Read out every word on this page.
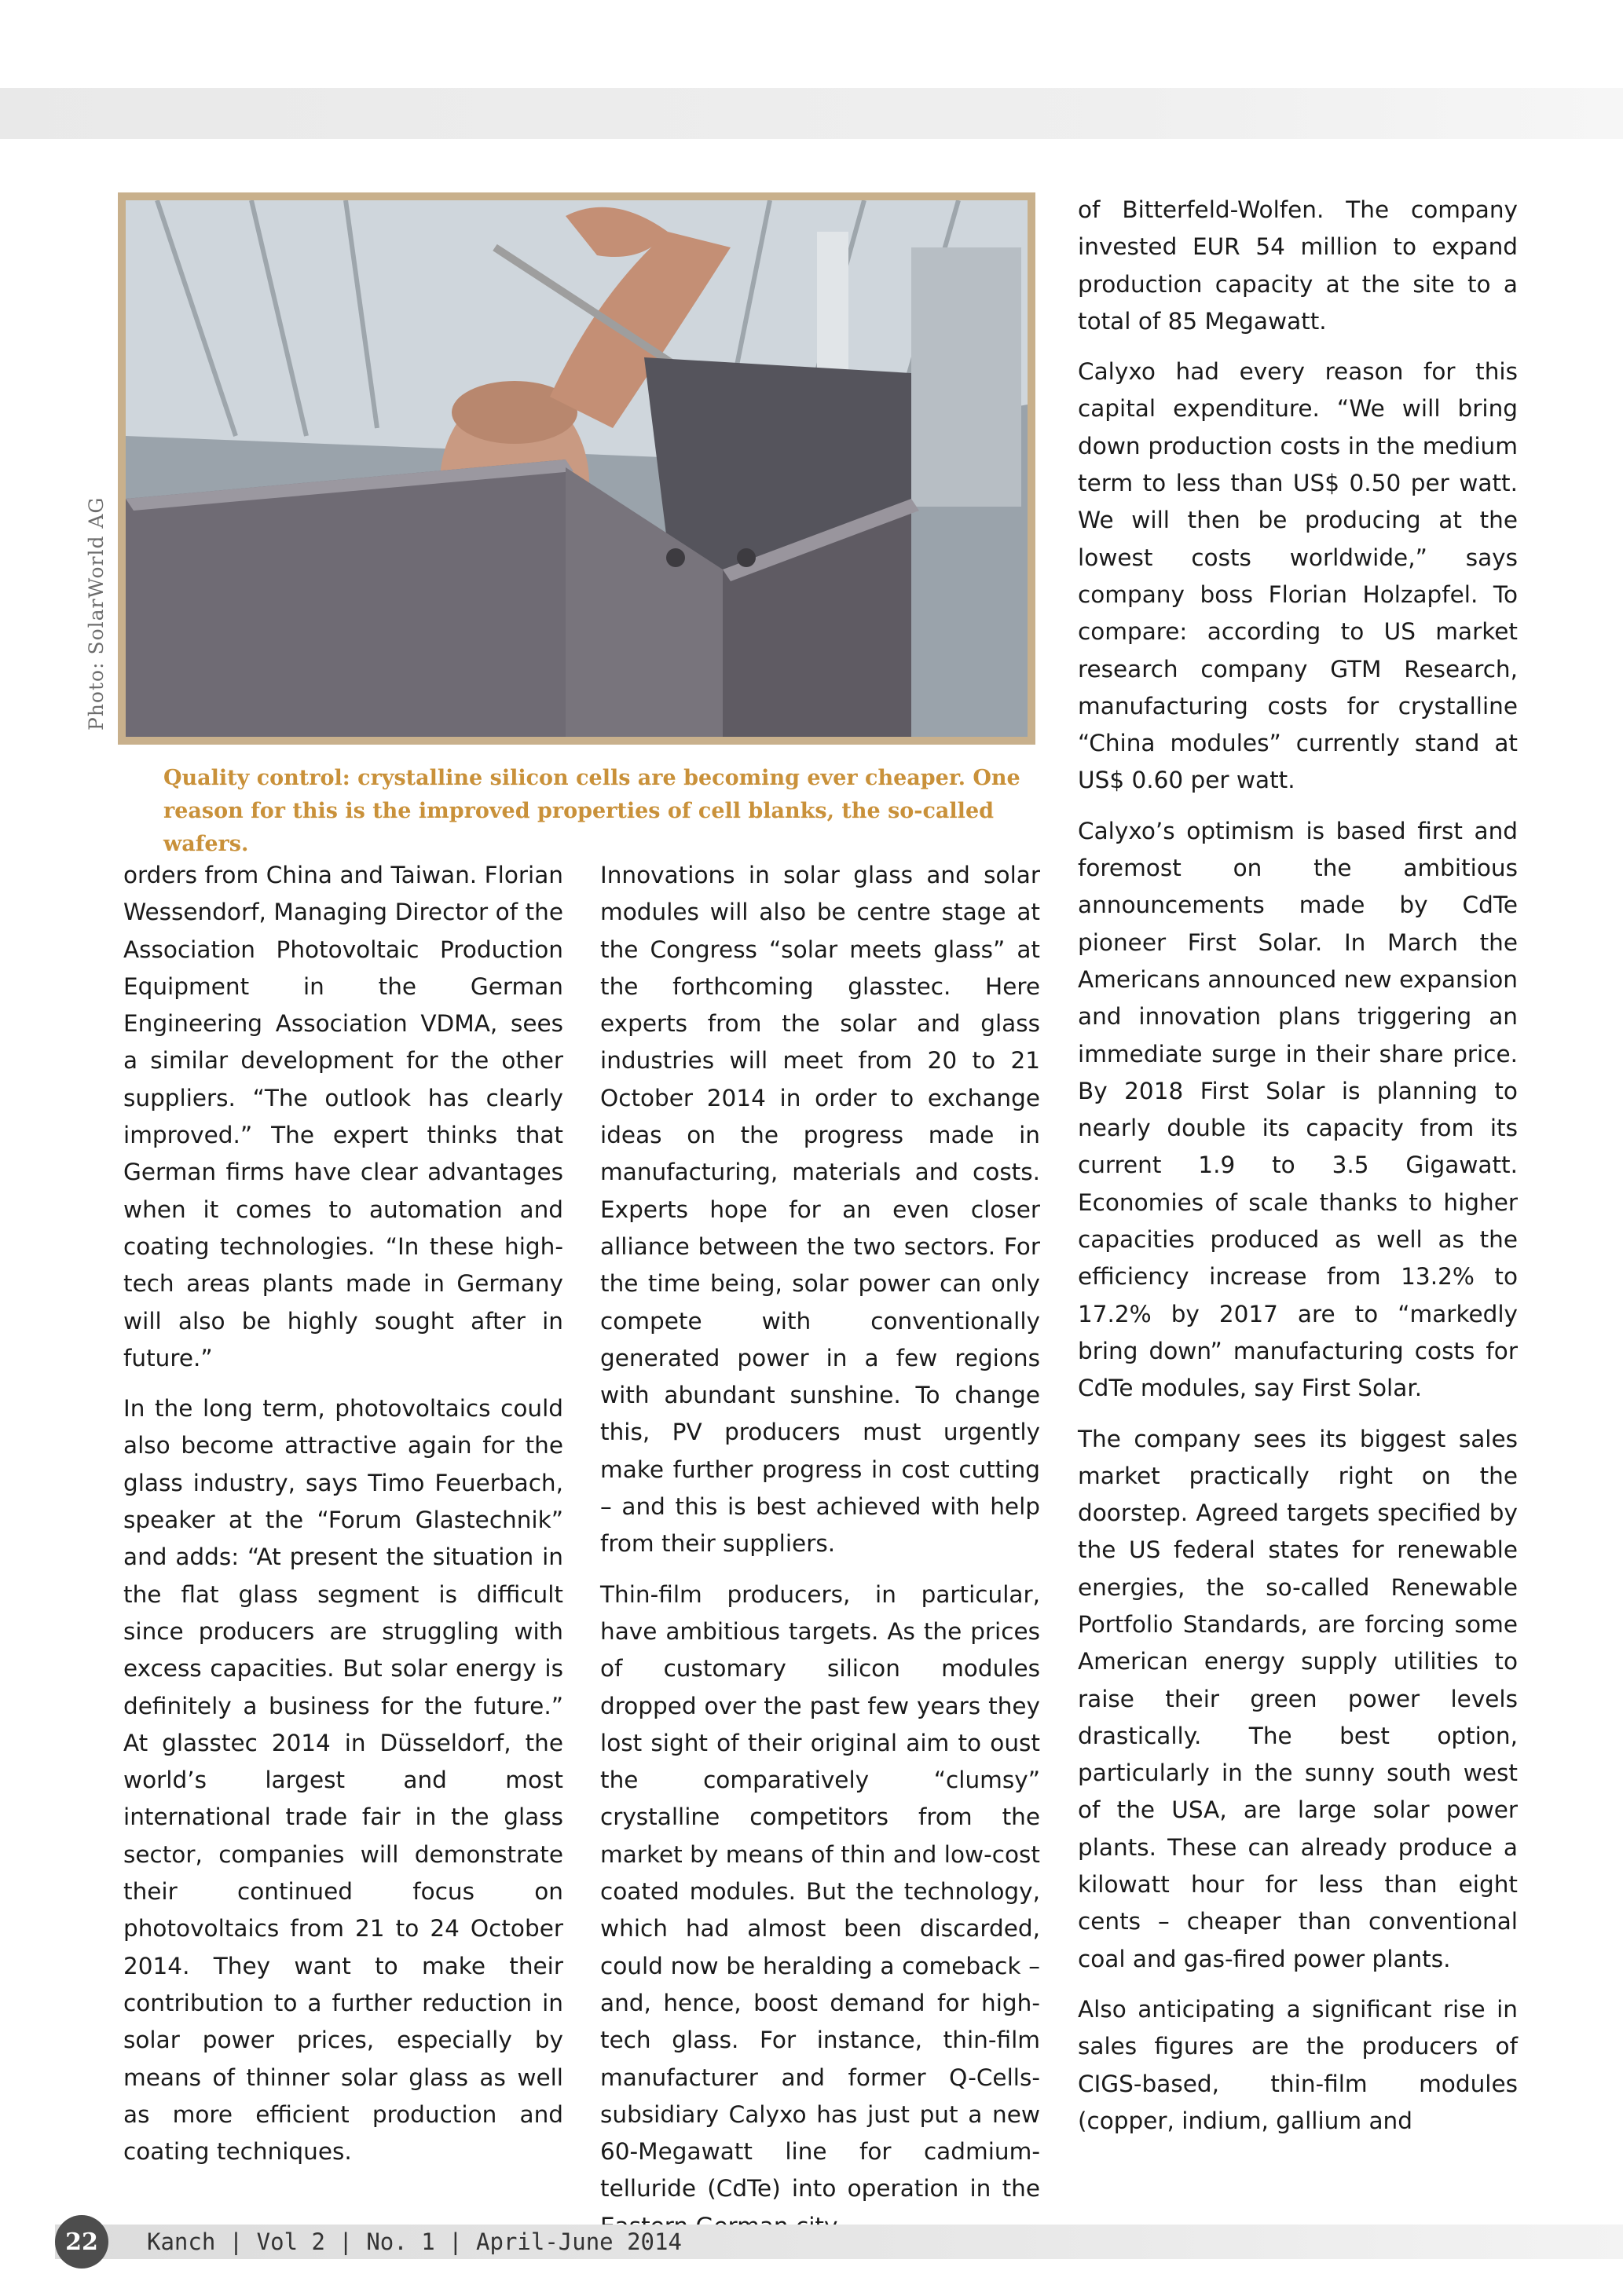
Photo: SolarWorld AG

Quality control: crystalline silicon cells are becoming ever cheaper. One reason for this is the improved properties of cell blanks, the so-called wafers.

orders from China and Taiwan. Florian Wessendorf, Managing Director of the Association Photovoltaic Production Equipment in the German Engineering Association VDMA, sees a similar development for the other suppliers. “The outlook has clearly improved.” The expert thinks that German firms have clear advantages when it comes to automation and coating technologies. “In these high-tech areas plants made in Germany will also be highly sought after in future.”

In the long term, photovoltaics could also become attractive again for the glass industry, says Timo Feuerbach, speaker at the “Forum Glastechnik” and adds: “At present the situation in the flat glass segment is difficult since producers are struggling with excess capacities. But solar energy is definitely a business for the future.” At glasstec 2014 in Düsseldorf, the world’s largest and most international trade fair in the glass sector, companies will demonstrate their continued focus on photovoltaics from 21 to 24 October 2014. They want to make their contribution to a further reduction in solar power prices, especially by means of thinner solar glass as well as more efficient production and coating techniques.

Innovations in solar glass and solar modules will also be centre stage at the Congress “solar meets glass” at the forthcoming glasstec. Here experts from the solar and glass industries will meet from 20 to 21 October 2014 in order to exchange ideas on the progress made in manufacturing, materials and costs. Experts hope for an even closer alliance between the two sectors. For the time being, solar power can only compete with conventionally generated power in a few regions with abundant sunshine. To change this, PV producers must urgently make further progress in cost cutting – and this is best achieved with help from their suppliers.

Thin-film producers, in particular, have ambitious targets. As the prices of customary silicon modules dropped over the past few years they lost sight of their original aim to oust the comparatively “clumsy” crystalline competitors from the market by means of thin and low-cost coated modules. But the technology, which had almost been discarded, could now be heralding a comeback – and, hence, boost demand for high-tech glass. For instance, thin-film manufacturer and former Q-Cells-subsidiary Calyxo has just put a new 60-Megawatt line for cadmium-telluride (CdTe) into operation in the

of Bitterfeld-Wolfen. The company invested EUR 54 million to expand production capacity at the site to a total of 85 Megawatt.

Calyxo had every reason for this capital expenditure. “We will bring down production costs in the medium term to less than US$ 0.50 per watt. We will then be producing at the lowest costs worldwide,” says company boss Florian Holzapfel. To compare: according to US market research company GTM Research, manufacturing costs for crystalline “China modules” currently stand at US$ 0.60 per watt.

Calyxo’s optimism is based first and foremost on the ambitious announcements made by CdTe pioneer First Solar. In March the Americans announced new expansion and innovation plans triggering an immediate surge in their share price. By 2018 First Solar is planning to nearly double its capacity from its current 1.9 to 3.5 Gigawatt. Economies of scale thanks to higher capacities produced as well as the efficiency increase from 13.2% to 17.2% by 2017 are to “markedly bring down” manufacturing costs for CdTe modules, say First Solar.

The company sees its biggest sales market practically right on the doorstep. Agreed targets specified by the US federal states for renewable energies, the so-called Renewable Portfolio Standards, are forcing some American energy supply utilities to raise their green power levels drastically. The best option, particularly in the sunny south west of the USA, are large solar power plants. These can already produce a kilowatt hour for less than eight cents – cheaper than conventional coal and gas-fired power plants.

Also anticipating a significant rise in sales figures are the producers of CIGS-based, thin-film modules (copper, indium, gallium and

22	Kanch | Vol 2 | No. 1 | April-June 2014
